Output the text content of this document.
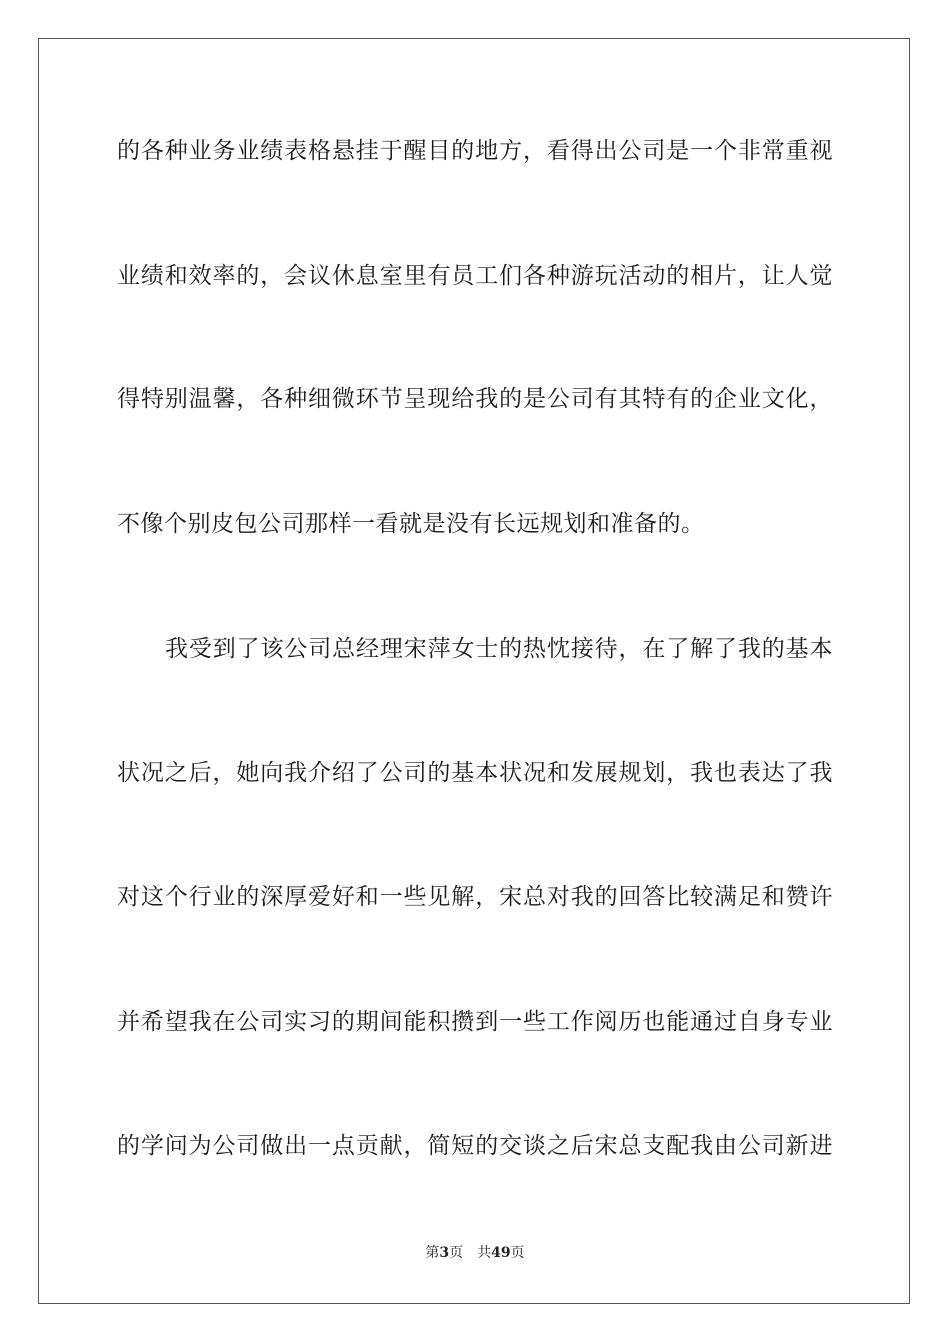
的各种业务业绩表格悬挂于醒目的地方，看得出公司是一个非常重视
业绩和效率的，会议休息室里有员工们各种游玩活动的相片，让人觉
得特别温馨，各种细微环节呈现给我的是公司有其特有的企业文化，
不像个别皮包公司那样一看就是没有长远规划和准备的。
我受到了该公司总经理宋萍女士的热忱接待，在了解了我的基本
状况之后，她向我介绍了公司的基本状况和发展规划，我也表达了我
对这个行业的深厚爱好和一些见解，宋总对我的回答比较满足和赞许
并希望我在公司实习的期间能积攒到一些工作阅历也能通过自身专业
的学问为公司做出一点贡献，简短的交谈之后宋总支配我由公司新进
第3页 共49页
